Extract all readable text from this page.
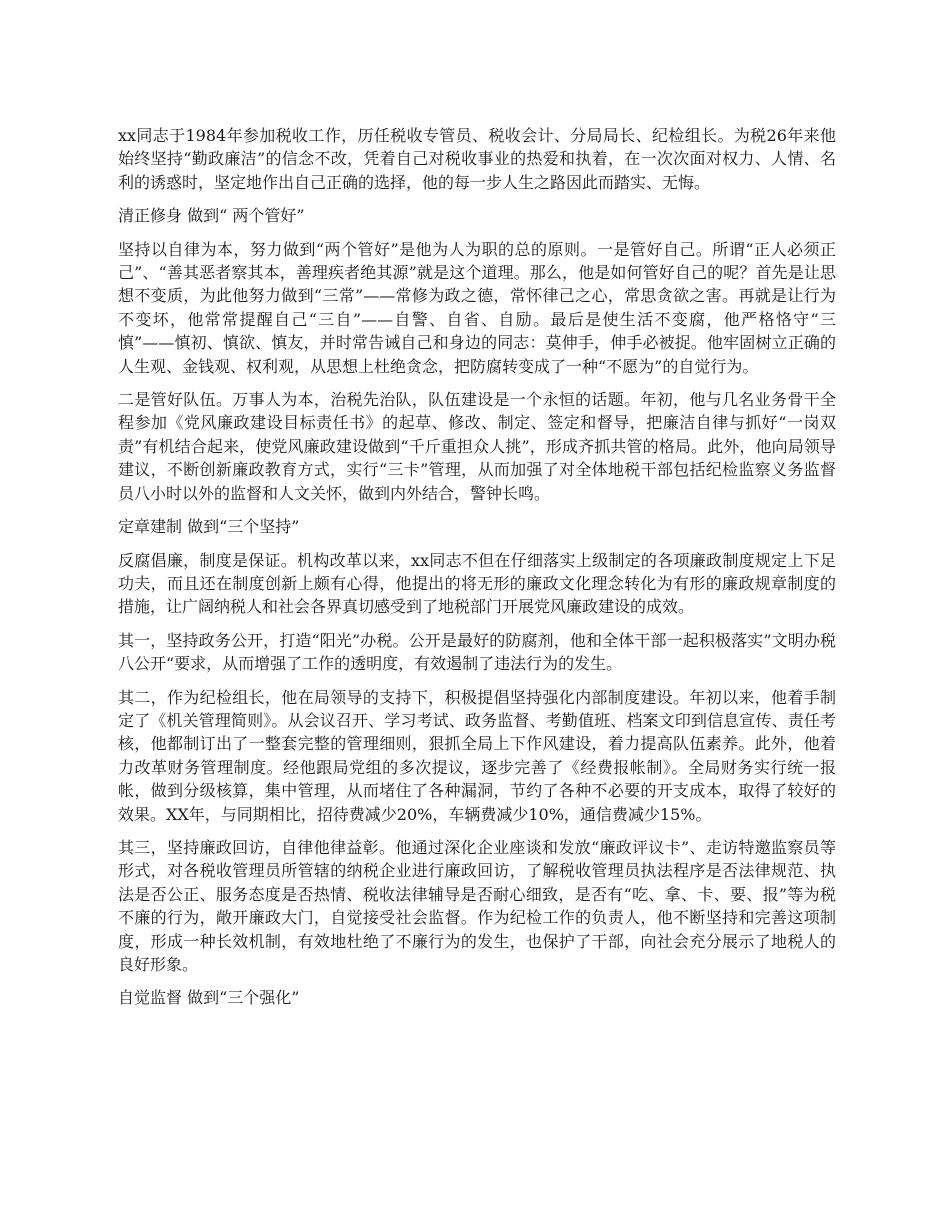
xx同志于1984年参加税收工作，历任税收专管员、税收会计、分局局长、纪检组长。为税26年来他始终坚持“勤政廉洁”的信念不改，凭着自己对税收事业的热爱和执着，在一次次面对权力、人情、名利的诱惑时，坚定地作出自己正确的选择，他的每一步人生之路因此而踏实、无悔。

清正修身 做到“ 两个管好”

坚持以自律为本，努力做到“两个管好”是他为人为职的总的原则。一是管好自己。所谓“正人必须正己”、“善其恶者察其本，善理疾者绝其源”就是这个道理。那么，他是如何管好自己的呢？首先是让思想不变质，为此他努力做到“三常”——常修为政之德，常怀律己之心，常思贪欲之害。再就是让行为不变坏，他常常提醒自己“三自”——自警、自省、自励。最后是使生活不变腐，他严格恪守“三慎”——慎初、慎欲、慎友，并时常告诫自己和身边的同志：莫伸手，伸手必被捉。他牢固树立正确的人生观、金钱观、权利观，从思想上杜绝贪念，把防腐转变成了一种“不愿为”的自觉行为。

二是管好队伍。万事人为本，治税先治队，队伍建设是一个永恒的话题。年初，他与几名业务骨干全程参加《党风廉政建设目标责任书》的起草、修改、制定、签定和督导，把廉洁自律与抓好“一岗双责”有机结合起来，使党风廉政建设做到“千斤重担众人挑”，形成齐抓共管的格局。此外，他向局领导建议，不断创新廉政教育方式，实行“三卡”管理，从而加强了对全体地税干部包括纪检监察义务监督员八小时以外的监督和人文关怀，做到内外结合，警钟长鸣。

定章建制 做到“三个坚持”

反腐倡廉，制度是保证。机构改革以来，xx同志不但在仔细落实上级制定的各项廉政制度规定上下足功夫，而且还在制度创新上颇有心得，他提出的将无形的廉政文化理念转化为有形的廉政规章制度的措施，让广阔纳税人和社会各界真切感受到了地税部门开展党风廉政建设的成效。

其一，坚持政务公开，打造“阳光”办税。公开是最好的防腐剂，他和全体干部一起积极落实”文明办税八公开“要求，从而增强了工作的透明度，有效遏制了违法行为的发生。

其二，作为纪检组长，他在局领导的支持下，积极提倡坚持强化内部制度建设。年初以来，他着手制定了《机关管理简则》。从会议召开、学习考试、政务监督、考勤值班、档案文印到信息宣传、责任考核，他都制订出了一整套完整的管理细则，狠抓全局上下作风建设，着力提高队伍素养。此外，他着力改革财务管理制度。经他跟局党组的多次提议，逐步完善了《经费报帐制》。全局财务实行统一报帐，做到分级核算，集中管理，从而堵住了各种漏洞，节约了各种不必要的开支成本，取得了较好的效果。XX年，与同期相比，招待费减少20%，车辆费减少10%，通信费减少15%。

其三，坚持廉政回访，自律他律益彰。他通过深化企业座谈和发放“廉政评议卡”、走访特邀监察员等形式，对各税收管理员所管辖的纳税企业进行廉政回访，了解税收管理员执法程序是否法律规范、执法是否公正、服务态度是否热情、税收法律辅导是否耐心细致，是否有“吃、拿、卡、要、报”等为税不廉的行为，敞开廉政大门，自觉接受社会监督。作为纪检工作的负责人，他不断坚持和完善这项制度，形成一种长效机制，有效地杜绝了不廉行为的发生，也保护了干部，向社会充分展示了地税人的良好形象。

自觉监督 做到“三个强化”
